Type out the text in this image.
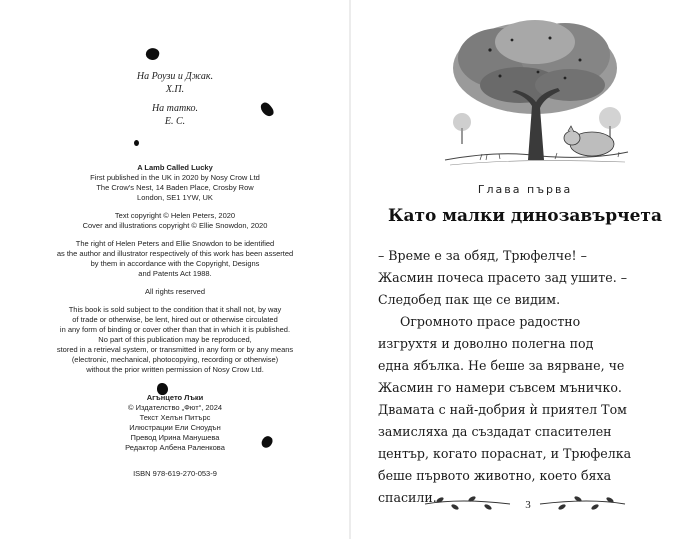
На Роузи и Джак.
Х.П.
На татко.
Е. С.

A Lamb Called Lucky

First published in the UK in 2020 by Nosy Crow Ltd

The Crow's Nest, 14 Baden Place, Crosby Row

London, SE1 1YW, UK

Text copyright © Helen Peters, 2020

Cover and illustrations copyright © Ellie Snowdon, 2020

The right of Helen Peters and Ellie Snowdon to be identified

as the author and illustrator respectively of this work has been asserted

by them in accordance with the Copyright, Designs

and Patents Act 1988.

All rights reserved

This book is sold subject to the condition that it shall not, by way

of trade or otherwise, be lent, hired out or otherwise circulated

in any form of binding or cover other than that in which it is published.

No part of this publication may be reproduced,

stored in a retrieval system, or transmitted in any form or by any means

(electronic, mechanical, photocopying, recording or otherwise)

without the prior written permission of Nosy Crow Ltd.

Агънцето Лъки

© Издателство „Фют“, 2024

Текст Хелън Питърс

Илюстрации Ели Сноудън

Превод Ирина Манушева

Редактор Албена Раленкова

ISBN 978-619-270-053-9
Глава първа
Като малки динозавърчета
– Време е за обяд, Трюфелче! –
Жасмин почеса прасето зад ушите. –
Следобед пак ще се видим.
Огромното прасе радостно
изгрухтя и доволно полегна под
една ябълка. Не беше за вярване, че
Жасмин го намери съвсем мъничко.
Двамата с най-добрия ѝ приятел Том
замисляха да създадат спасителен
център, когато пораснат, и Трюфелка
беше първото животно, което бяха
спасили.	3
